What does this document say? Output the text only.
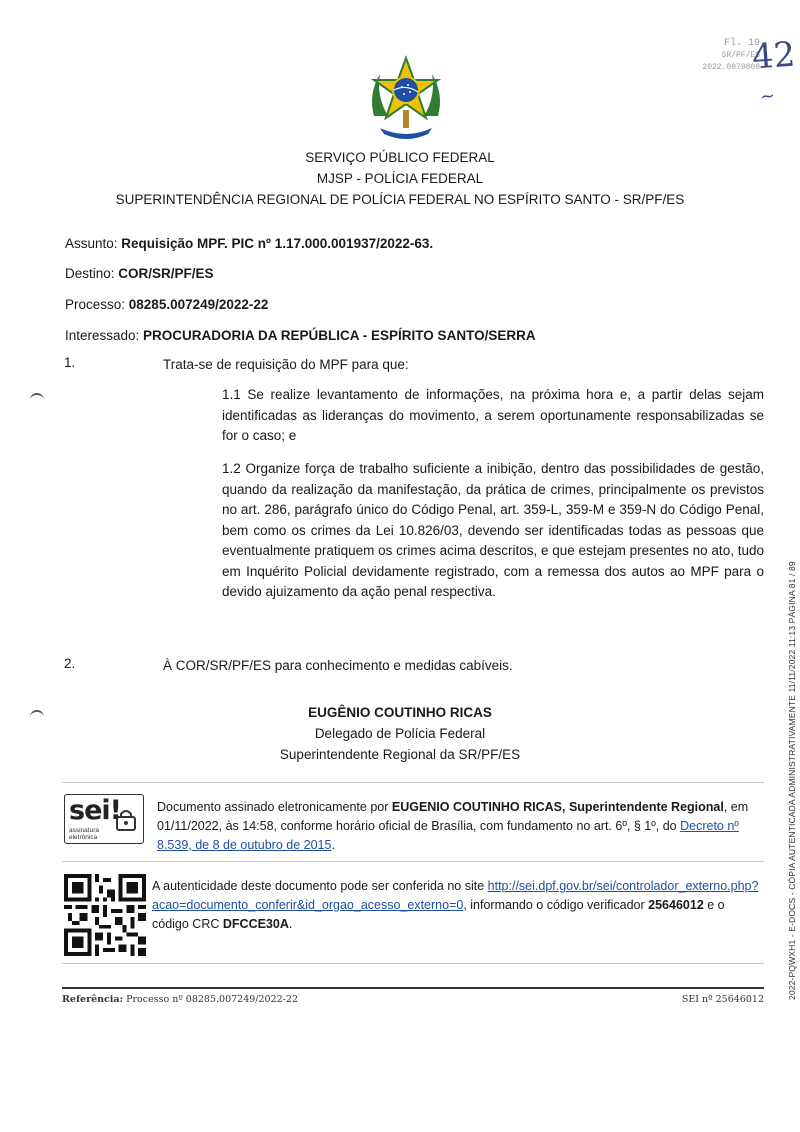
Fl. 19
SR/PF/ES
2022.0079800
42
~
SERVIÇO PÚBLICO FEDERAL
MJSP - POLÍCIA FEDERAL
SUPERINTENDÊNCIA REGIONAL DE POLÍCIA FEDERAL NO ESPÍRITO SANTO - SR/PF/ES
Assunto: Requisição MPF. PIC nº 1.17.000.001937/2022-63.
Destino: COR/SR/PF/ES
Processo: 08285.007249/2022-22
Interessado: PROCURADORIA DA REPÚBLICA - ESPÍRITO SANTO/SERRA
1.	Trata-se de requisição do MPF para que:
1.1 Se realize levantamento de informações, na próxima hora e, a partir delas sejam identificadas as lideranças do movimento, a serem oportunamente responsabilizadas se for o caso; e
1.2 Organize força de trabalho suficiente a inibição, dentro das possibilidades de gestão, quando da realização da manifestação, da prática de crimes, principalmente os previstos no art. 286, parágrafo único do Código Penal, art. 359-L, 359-M e 359-N do Código Penal, bem como os crimes da Lei 10.826/03, devendo ser identificadas todas as pessoas que eventualmente pratiquem os crimes acima descritos, e que estejam presentes no ato, tudo em Inquérito Policial devidamente registrado, com a remessa dos autos ao MPF para o devido ajuizamento da ação penal respectiva.
2.	À COR/SR/PF/ES para conhecimento e medidas cabíveis.
EUGÊNIO COUTINHO RICAS
Delegado de Polícia Federal
Superintendente Regional da SR/PF/ES
sei!
assinatura
eletrônica
Documento assinado eletronicamente por EUGENIO COUTINHO RICAS, Superintendente Regional, em 01/11/2022, às 14:58, conforme horário oficial de Brasília, com fundamento no art. 6º, § 1º, do Decreto nº 8.539, de 8 de outubro de 2015.
A autenticidade deste documento pode ser conferida no site http://sei.dpf.gov.br/sei/controlador_externo.php?acao=documento_conferir&id_orgao_acesso_externo=0, informando o código verificador 25646012 e o código CRC DFCCE30A.
Referência: Processo nº 08285.007249/2022-22	SEI nº 25646012	2022-PQWXH1 - E-DOCS - CÓPIA AUTENTICADA ADMINISTRATIVAMENTE 11/11/2022 11:13 PÁGINA 81 / 89
